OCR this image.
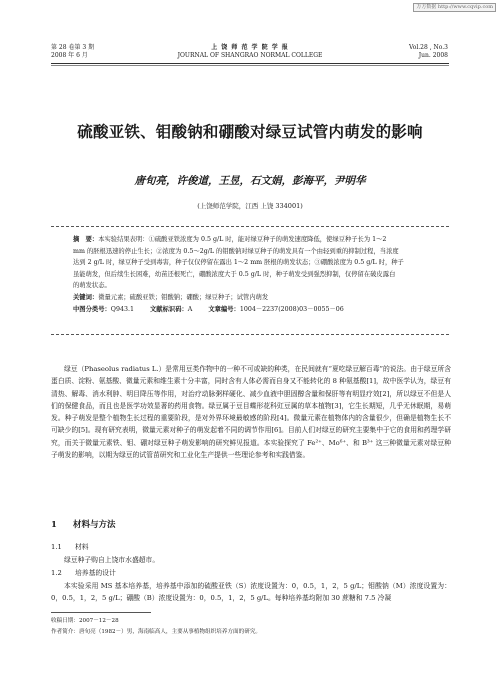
万方数据 http://www.cqvip.com
第 28 卷第 3 期
2008 年 6 月
上 饶 师 范 学 院 学 报
JOURNAL OF SHANGRAO NORMAL COLLEGE
Vol.28 , No.3
Jun. 2008
硫酸亚铁、钼酸钠和硼酸对绿豆试管内萌发的影响
唐旬亮，许俊道，王昱，石文娟，彭海平，尹明华
(上饶师范学院，江西 上饶 334001)
摘　要：本实验结果表明：①硫酸亚铁浓度为 0.5 g/L 时，能对绿豆种子的萌发速度降低，使绿豆种子长为 1～2
mm 的胚根迅速的停止生长；②浓度为 0.5～2g/L 的钼酸钠对绿豆种子的萌发具有一个由轻到重的抑制过程，当浓度
达到 2 g/L 时，绿豆种子受到毒害，种子仅仅停留在露出 1～2 mm 胚根的萌发状态；③硼酸浓度为 0.5 g/L 时，种子
虽能萌发，但后续生长困难，幼苗还根死亡，硼酸浓度大于 0.5 g/L 时，种子萌发受到强烈抑制，仅停留在破皮露白
的萌发状态。
关键词：微量元素；硫酸亚铁；钼酸钠；硼酸；绿豆种子；试管内萌发
中图分类号：Q943.1	文献标识码：A	文章编号：1004－2237(2008)03－0055－06

绿豆（Phaseolus radiatus L.）是常用豆类作物中的一种不可或缺的种类，在民间就有“夏吃绿豆解百毒”的说法。由于绿豆所含蛋白质、淀粉、氨基酸、微量元素和维生素十分丰富，同时含有人体必需而自身又不能转化的 8 种氨基酸[1]，故中医学认为，绿豆有清热、解毒、消水利肿、明目降压等作用，对治疗动脉粥样硬化、减少血液中胆固醇含量和保肝等有明显疗效[2]，所以绿豆不但是人们的保健食品，而且也是医学功效显著的药用食物。绿豆属于豆目蝶形花科豇豆属的草本植物[3]，它生长期短，几乎无休眠期，易萌发。种子萌发是整个植物生长过程的重要阶段，是对外界环境最敏感的阶段[4]。微量元素在植物体内的含量很少，但确是植物生长不可缺少的[5]。现有研究表明，微量元素对种子的萌发起着不同的调节作用[6]。目前人们对绿豆的研究主要集中于它的食用和药理学研究，而关于微量元素铁、钼、硼对绿豆种子萌发影响的研究鲜见报道。本实验探究了 Fe²⁺、Mo⁶⁺、和 B³⁺ 这三种微量元素对绿豆种子萌发的影响，以期为绿豆的试管苗研究和工业化生产提供一些理论参考和实践借鉴。

1 材料与方法
1.1 材料

绿豆种子购自上饶市水盛超市。

1.2 培养基的设计

本实验采用 MS 基本培养基，培养基中添加的硫酸亚铁（S）浓度设置为：0，0.5，1，2，5 g/L；钼酸钠（M）浓度设置为：0，0.5，1，2，5 g/L；硼酸（B）浓度设置为：0，0.5，1，2，5 g/L。每种培养基均附加 30 蔗糖和 7.5 冷凝

收稿日期：2007－12－28
作者简介：唐旬亮（1982－）男，海南临高人，主要从事植物组织培养方面的研究。
